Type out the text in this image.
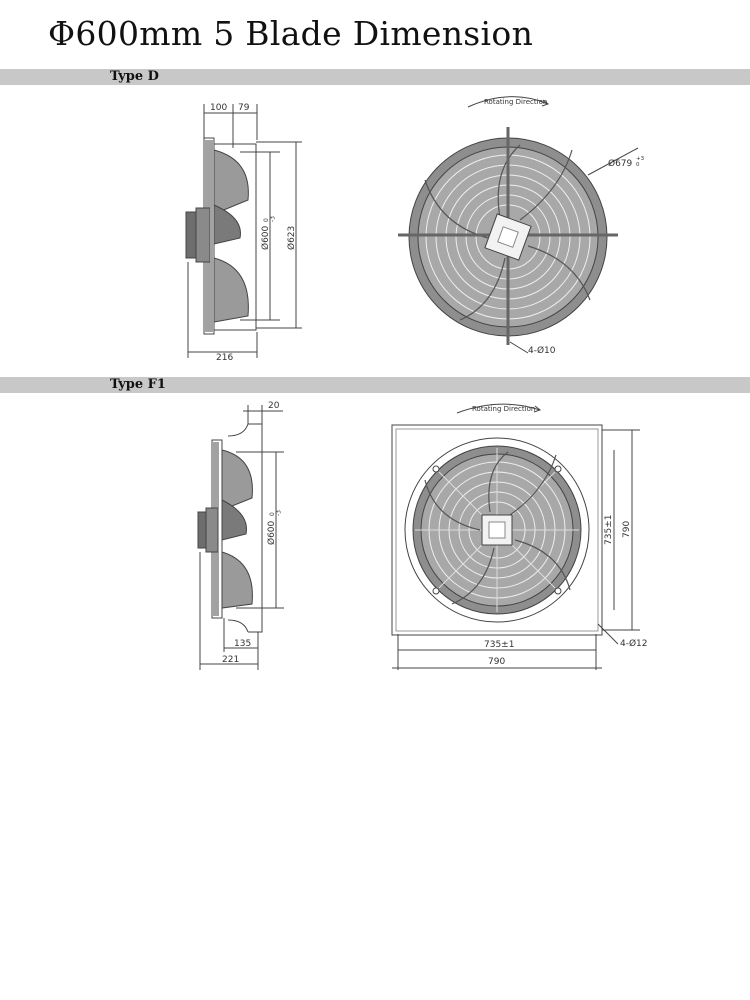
Φ600mm 5 Blade Dimension
Type D
100 79
Ø600
0-3
Ø623
216
Rotating Direction
Ø679 +3 0
4-Ø10
Type F1
20
Ø600
0-3
135
221
Rotating Direction
735±1 790
735±1
790
4-Ø12
